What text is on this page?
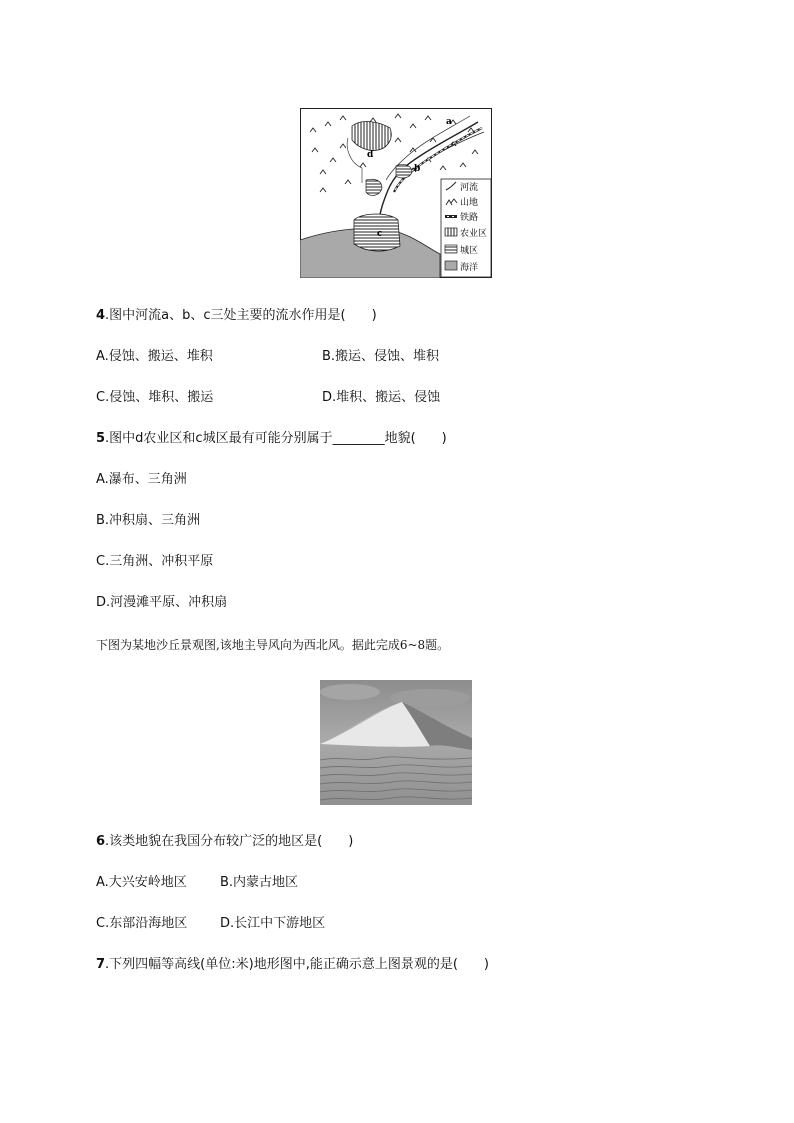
a
b
c
d
河流
山地
铁路
农业区
城区
海洋
4.图中河流a、b、c三处主要的流水作用是(　　)
A.侵蚀、搬运、堆积	B.搬运、侵蚀、堆积
C.侵蚀、堆积、搬运	D.堆积、搬运、侵蚀
5.图中d农业区和c城区最有可能分别属于________地貌(　　)
A.瀑布、三角洲
B.冲积扇、三角洲
C.三角洲、冲积平原
D.河漫滩平原、冲积扇
下图为某地沙丘景观图,该地主导风向为西北风。据此完成6~8题。
6.该类地貌在我国分布较广泛的地区是(　　)
A.大兴安岭地区	B.内蒙古地区
C.东部沿海地区	D.长江中下游地区
7.下列四幅等高线(单位:米)地形图中,能正确示意上图景观的是(　　)
